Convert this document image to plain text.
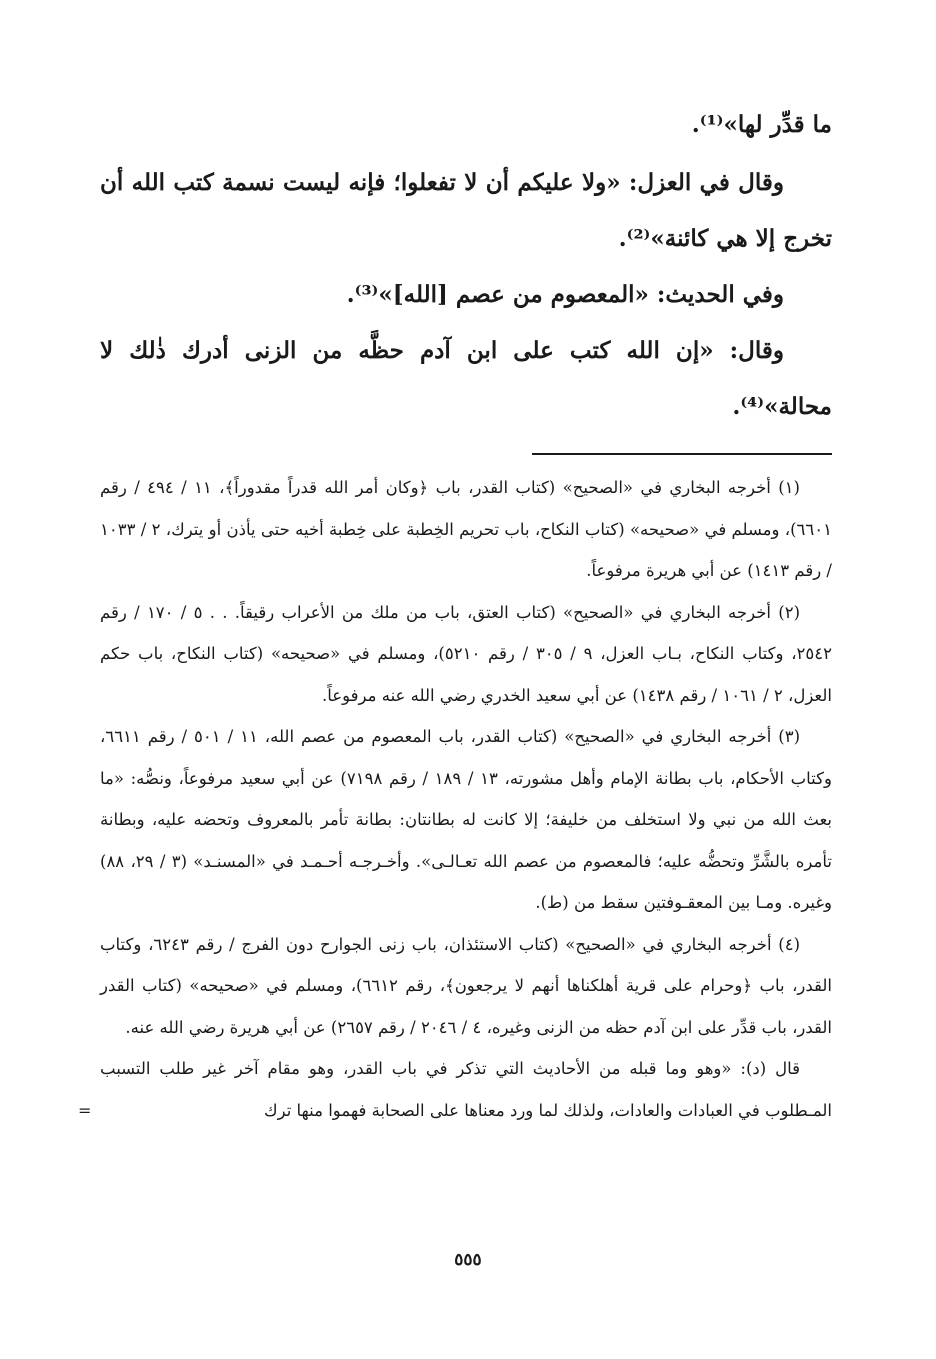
ما قدِّر لها»⁽¹⁾.

وقال في العزل: «ولا عليكم أن لا تفعلوا؛ فإنه ليست نسمة كتب الله أن تخرج إلا هي كائنة»⁽²⁾.

وفي الحديث: «المعصوم من عصم [الله]»⁽³⁾.

وقال: «إن الله كتب على ابن آدم حظَّه من الزنى أدرك ذٰلك لا محالة»⁽⁴⁾.

(١) أخرجه البخاري في «الصحيح» (كتاب القدر، باب ﴿وكان أمر الله قدراً مقدوراً﴾، ١١ / ٤٩٤ / رقم ٦٦٠١)، ومسلم في «صحيحه» (كتاب النكاح، باب تحريم الخِطبة على خِطبة أخيه حتى يأذن أو يترك، ٢ / ١٠٣٣ / رقم ١٤١٣) عن أبي هريرة مرفوعاً.

(٢) أخرجه البخاري في «الصحيح» (كتاب العتق، باب من ملك من الأعراب رقيقاً. . . ٥ / ١٧٠ / رقم ٢٥٤٢، وكتاب النكاح، بـاب العزل، ٩ / ٣٠٥ / رقم ٥٢١٠)، ومسلم في «صحيحه» (كتاب النكاح، باب حكم العزل، ٢ / ١٠٦١ / رقم ١٤٣٨) عن أبي سعيد الخدري رضي الله عنه مرفوعاً.

(٣) أخرجه البخاري في «الصحيح» (كتاب القدر، باب المعصوم من عصم الله، ١١ / ٥٠١ / رقم ٦٦١١، وكتاب الأحكام، باب بطانة الإمام وأهل مشورته، ١٣ / ١٨٩ / رقم ٧١٩٨) عن أبي سعيد مرفوعاً، ونصُّه: «ما بعث الله من نبي ولا استخلف من خليفة؛ إلا كانت له بطانتان: بطانة تأمر بالمعروف وتحضه عليه، وبطانة تأمره بالشَّرِّ وتحضُّه عليه؛ فالمعصوم من عصم الله تعـالـى». وأخـرجـه أحـمـد في «المسنـد» (٣ / ٢٩، ٨٨) وغيره. ومـا بين المعقـوفتين سقط من (ط).

(٤) أخرجه البخاري في «الصحيح» (كتاب الاستئذان، باب زنى الجوارح دون الفرج / رقم ٦٢٤٣، وكتاب القدر، باب ﴿وحرام على قرية أهلكناها أنهم لا يرجعون﴾، رقم ٦٦١٢)، ومسلم في «صحيحه» (كتاب القدر القدر، باب قدِّر على ابن آدم حظه من الزنى وغيره، ٤ / ٢٠٤٦ / رقم ٢٦٥٧) عن أبي هريرة رضي الله عنه.

قال (د): «وهو وما قبله من الأحاديث التي تذكر في باب القدر، وهو مقام آخر غير طلب التسبب المـطلوب في العبادات والعادات، ولذلك لما ورد معناها على الصحابة فهموا منها ترك
=

٥٥٥
